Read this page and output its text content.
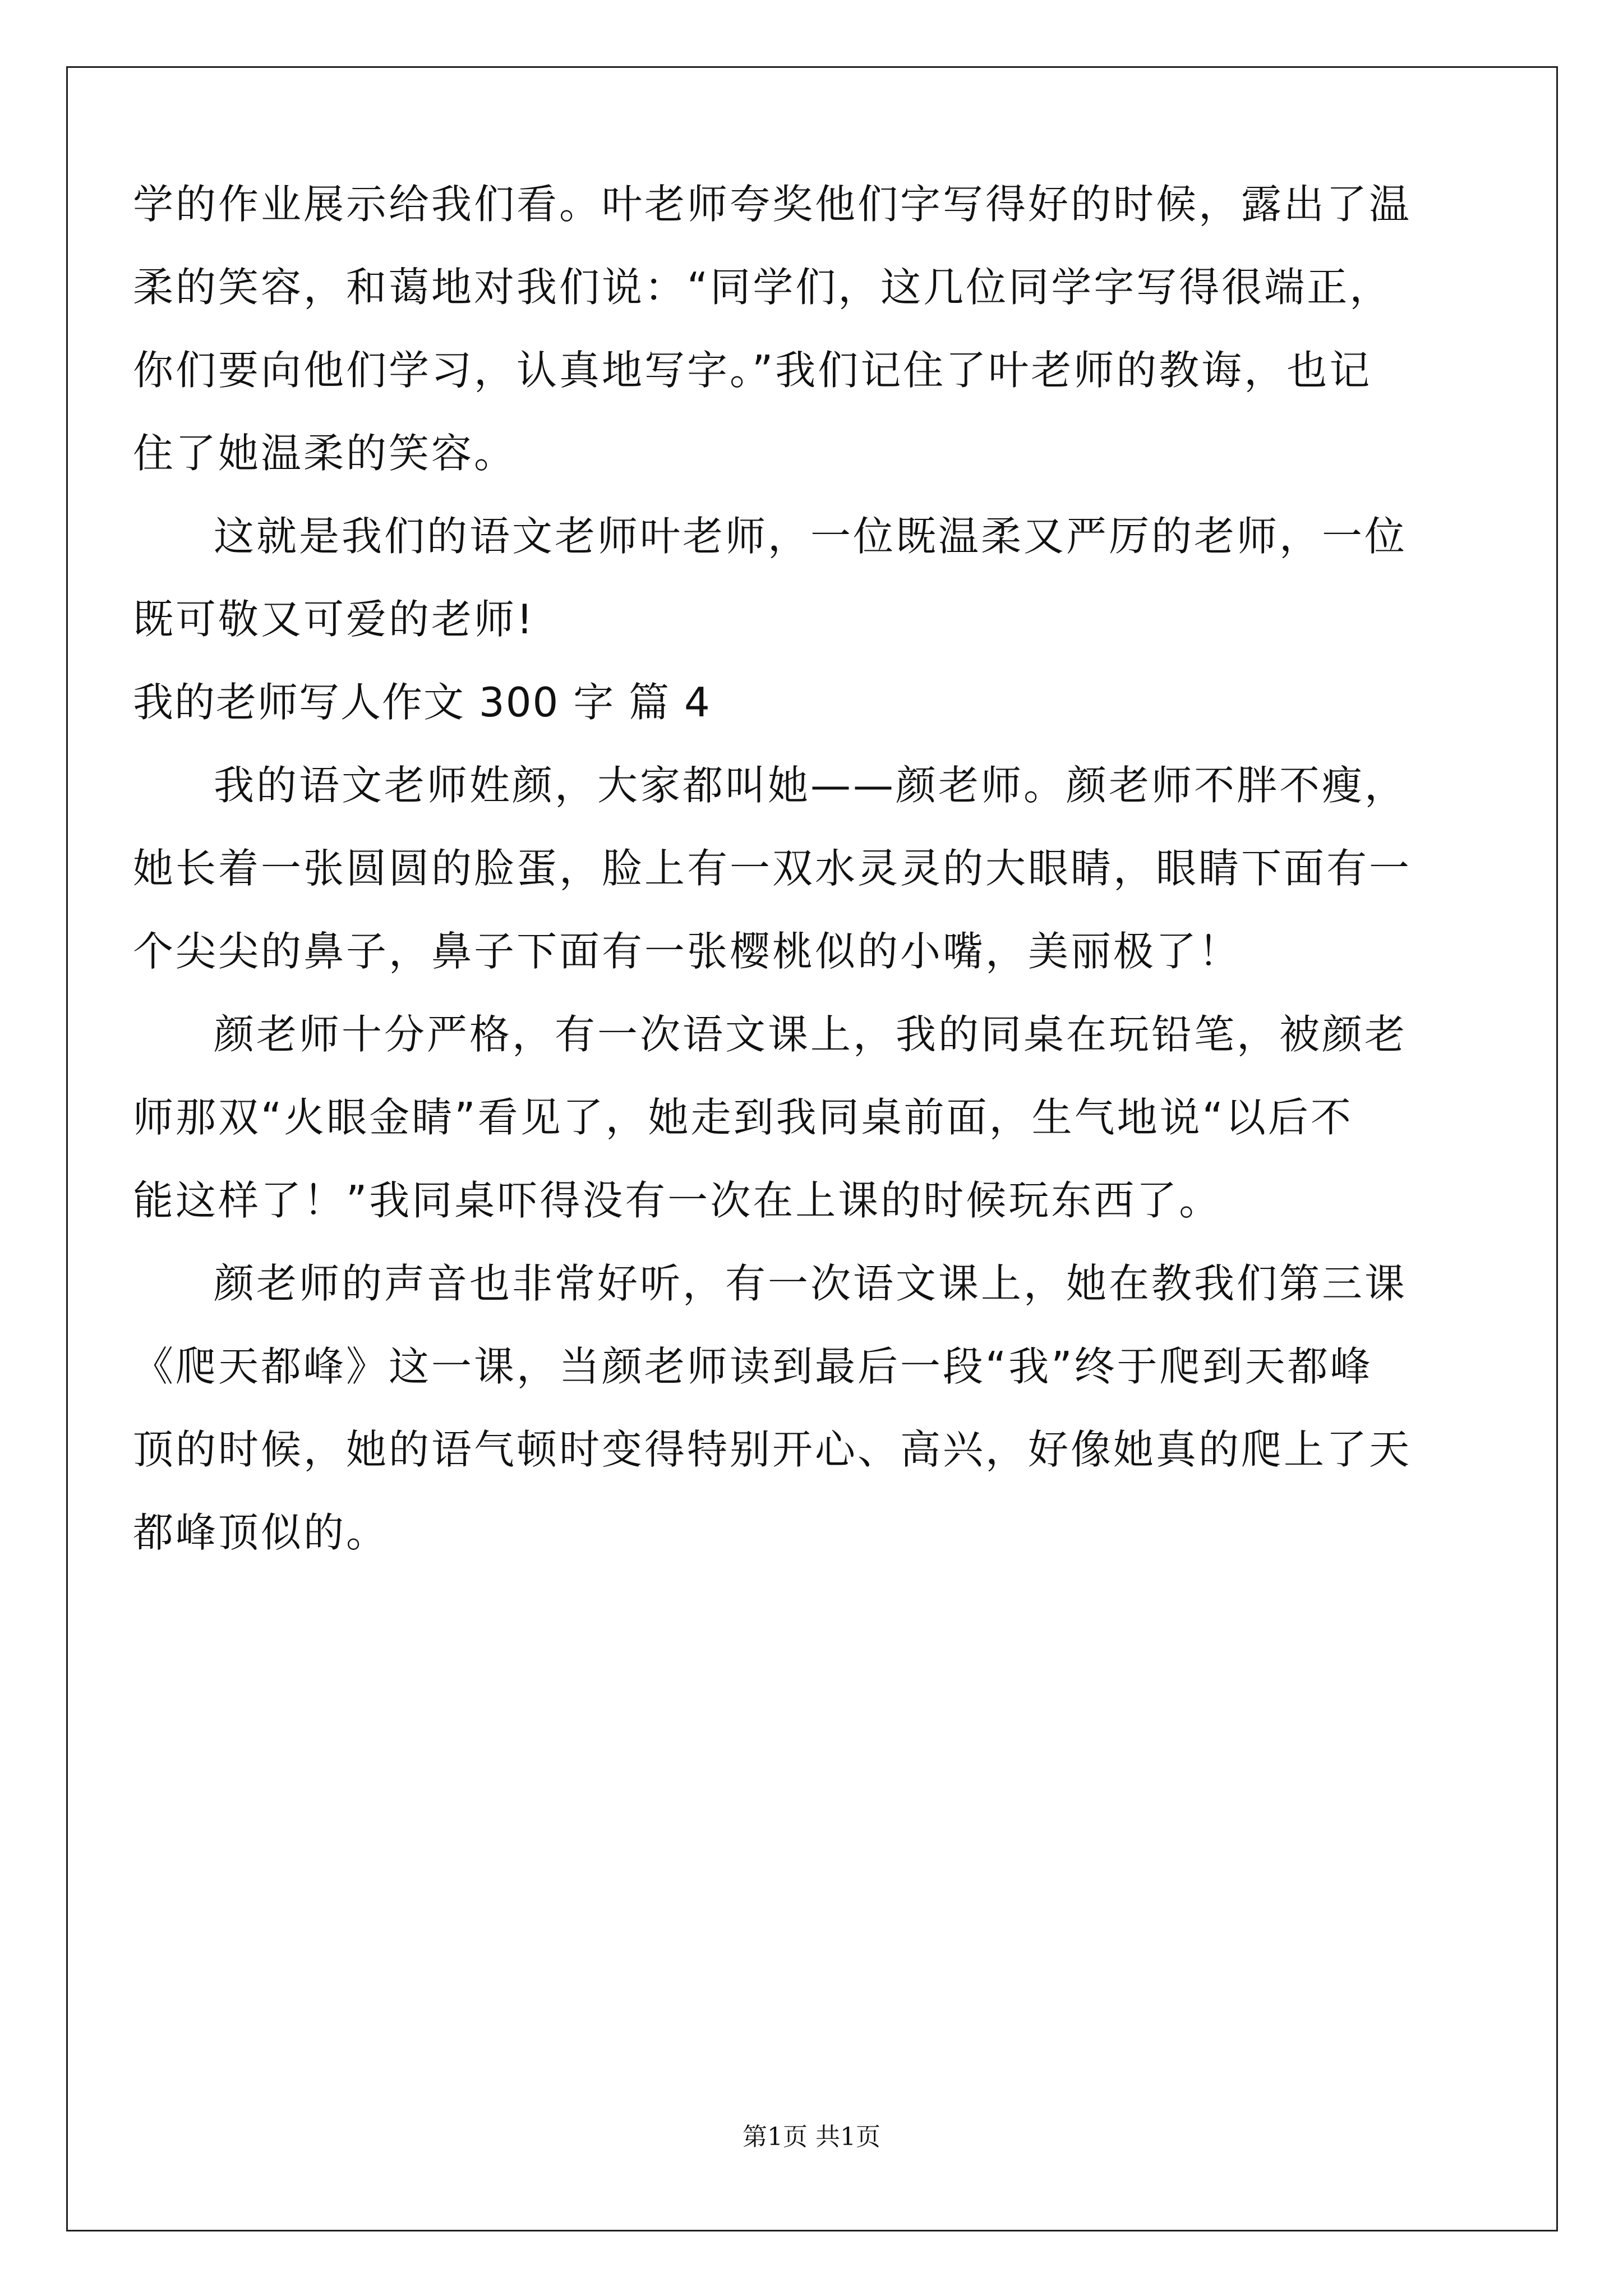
学的作业展示给我们看。叶老师夸奖他们字写得好的时候，露出了温
柔的笑容，和蔼地对我们说：“同学们，这几位同学字写得很端正，
你们要向他们学习，认真地写字。”我们记住了叶老师的教诲，也记
住了她温柔的笑容。
这就是我们的语文老师叶老师，一位既温柔又严厉的老师，一位
既可敬又可爱的老师!
我的老师写人作文 300 字 篇 4
我的语文老师姓颜，大家都叫她——颜老师。颜老师不胖不瘦，
她长着一张圆圆的脸蛋，脸上有一双水灵灵的大眼睛，眼睛下面有一
个尖尖的鼻子，鼻子下面有一张樱桃似的小嘴，美丽极了！
颜老师十分严格，有一次语文课上，我的同桌在玩铅笔，被颜老
师那双“火眼金睛”看见了，她走到我同桌前面，生气地说“以后不
能这样了！”我同桌吓得没有一次在上课的时候玩东西了。
颜老师的声音也非常好听，有一次语文课上，她在教我们第三课
《爬天都峰》这一课，当颜老师读到最后一段“我”终于爬到天都峰
顶的时候，她的语气顿时变得特别开心、高兴，好像她真的爬上了天
都峰顶似的。
第1页 共1页
